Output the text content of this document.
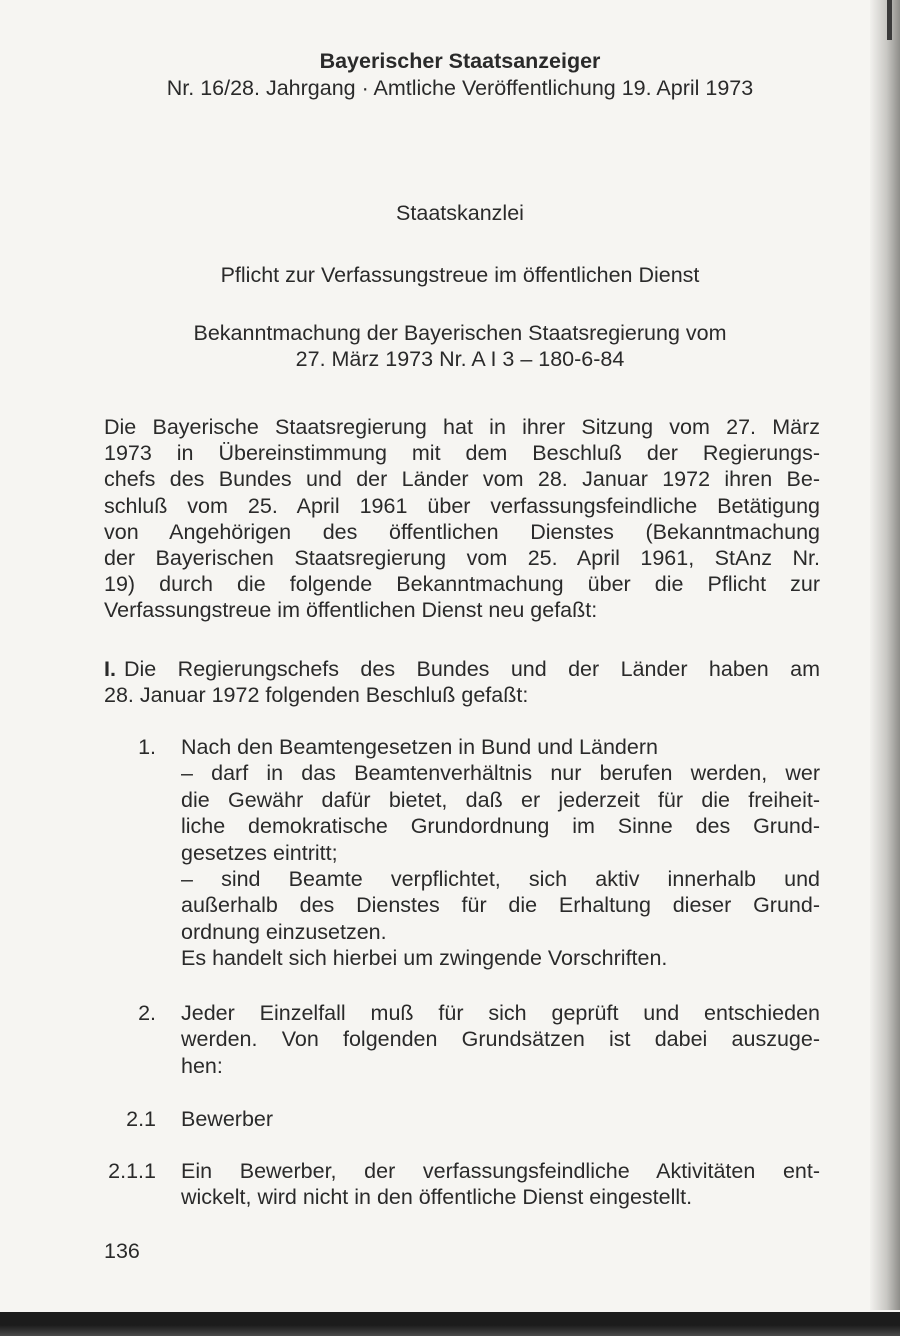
Bayerischer Staatsanzeiger
Nr. 16/28. Jahrgang · Amtliche Veröffentlichung 19. April 1973
Staatskanzlei
Pflicht zur Verfassungstreue im öffentlichen Dienst
Bekanntmachung der Bayerischen Staatsregierung vom
27. März 1973 Nr. A I 3 – 180-6-84
Die Bayerische Staatsregierung hat in ihrer Sitzung vom 27. März
1973 in Übereinstimmung mit dem Beschluß der Regierungs-
chefs des Bundes und der Länder vom 28. Januar 1972 ihren Be-
schluß vom 25. April 1961 über verfassungsfeindliche Betätigung
von Angehörigen des öffentlichen Dienstes (Bekanntmachung
der Bayerischen Staatsregierung vom 25. April 1961, StAnz Nr.
19) durch die folgende Bekanntmachung über die Pflicht zur
Verfassungstreue im öffentlichen Dienst neu gefaßt:
I. Die Regierungschefs des Bundes und der Länder haben am
28. Januar 1972 folgenden Beschluß gefaßt:
1. Nach den Beamtengesetzen in Bund und Ländern
– darf in das Beamtenverhältnis nur berufen werden, wer
die Gewähr dafür bietet, daß er jederzeit für die freiheit-
liche demokratische Grundordnung im Sinne des Grund-
gesetzes eintritt;
– sind Beamte verpflichtet, sich aktiv innerhalb und
außerhalb des Dienstes für die Erhaltung dieser Grund-
ordnung einzusetzen.
Es handelt sich hierbei um zwingende Vorschriften.
2. Jeder Einzelfall muß für sich geprüft und entschieden
werden. Von folgenden Grundsätzen ist dabei auszuge-
hen:
2.1 Bewerber
2.1.1 Ein Bewerber, der verfassungsfeindliche Aktivitäten ent-
wickelt, wird nicht in den öffentliche Dienst eingestellt.
136
